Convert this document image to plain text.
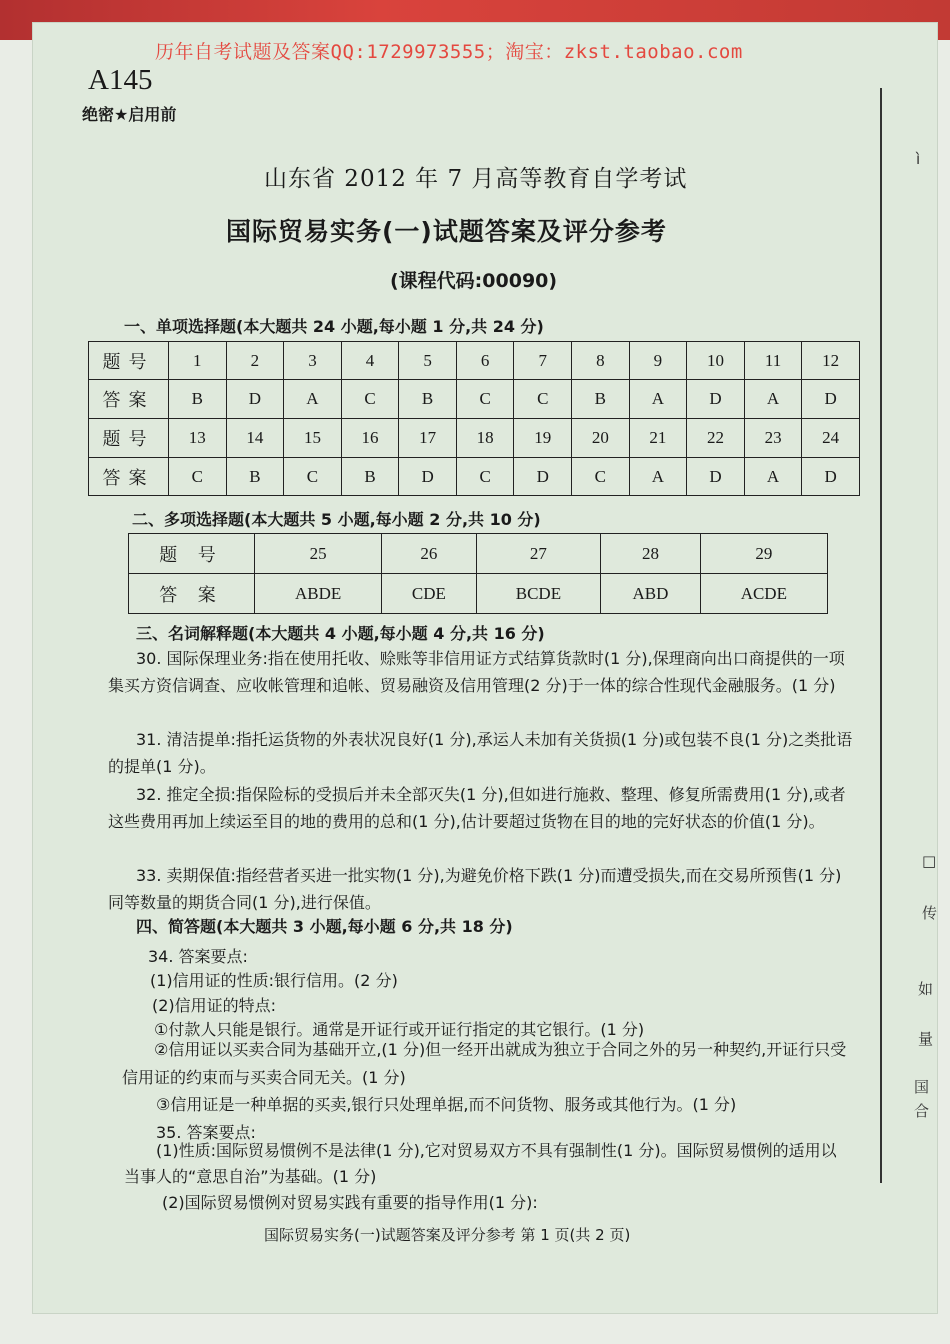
ì
□
传
如
量
国
合
历年自考试题及答案QQ:1729973555；淘宝：zkst.taobao.com
A145
绝密★启用前
山东省 2012 年 7 月高等教育自学考试
国际贸易实务(一)试题答案及评分参考
(课程代码:00090)
一、单项选择题(本大题共 24 小题,每小题 1 分,共 24 分)
题号	1	2	3	4	5	6	7	8	9	10	11	12
答案	B	D	A	C	B	C	C	B	A	D	A	D
题号	13	14	15	16	17	18	19	20	21	22	23	24
答案	C	B	C	B	D	C	D	C	A	D	A	D
二、多项选择题(本大题共 5 小题,每小题 2 分,共 10 分)
题 号	25	26	27	28	29
答 案	ABDE	CDE	BCDE	ABD	ACDE
三、名词解释题(本大题共 4 小题,每小题 4 分,共 16 分)

30. 国际保理业务:指在使用托收、赊账等非信用证方式结算货款时(1 分),保理商向出口商提供的一项集买方资信调查、应收帐管理和追帐、贸易融资及信用管理(2 分)于一体的综合性现代金融服务。(1 分)

31. 清洁提单:指托运货物的外表状况良好(1 分),承运人未加有关货损(1 分)或包装不良(1 分)之类批语的提单(1 分)。

32. 推定全损:指保险标的受损后并未全部灭失(1 分),但如进行施救、整理、修复所需费用(1 分),或者这些费用再加上续运至目的地的费用的总和(1 分),估计要超过货物在目的地的完好状态的价值(1 分)。

33. 卖期保值:指经营者买进一批实物(1 分),为避免价格下跌(1 分)而遭受损失,而在交易所预售(1 分)同等数量的期货合同(1 分),进行保值。

四、简答题(本大题共 3 小题,每小题 6 分,共 18 分)
34. 答案要点:
(1)信用证的性质:银行信用。(2 分)
(2)信用证的特点:
①付款人只能是银行。通常是开证行或开证行指定的其它银行。(1 分)

②信用证以买卖合同为基础开立,(1 分)但一经开出就成为独立于合同之外的另一种契约,开证行只受信用证的约束而与买卖合同无关。(1 分)

③信用证是一种单据的买卖,银行只处理单据,而不问货物、服务或其他行为。(1 分)
35. 答案要点:

(1)性质:国际贸易惯例不是法律(1 分),它对贸易双方不具有强制性(1 分)。国际贸易惯例的适用以当事人的“意思自治”为基础。(1 分)

(2)国际贸易惯例对贸易实践有重要的指导作用(1 分):
国际贸易实务(一)试题答案及评分参考 第 1 页(共 2 页)
